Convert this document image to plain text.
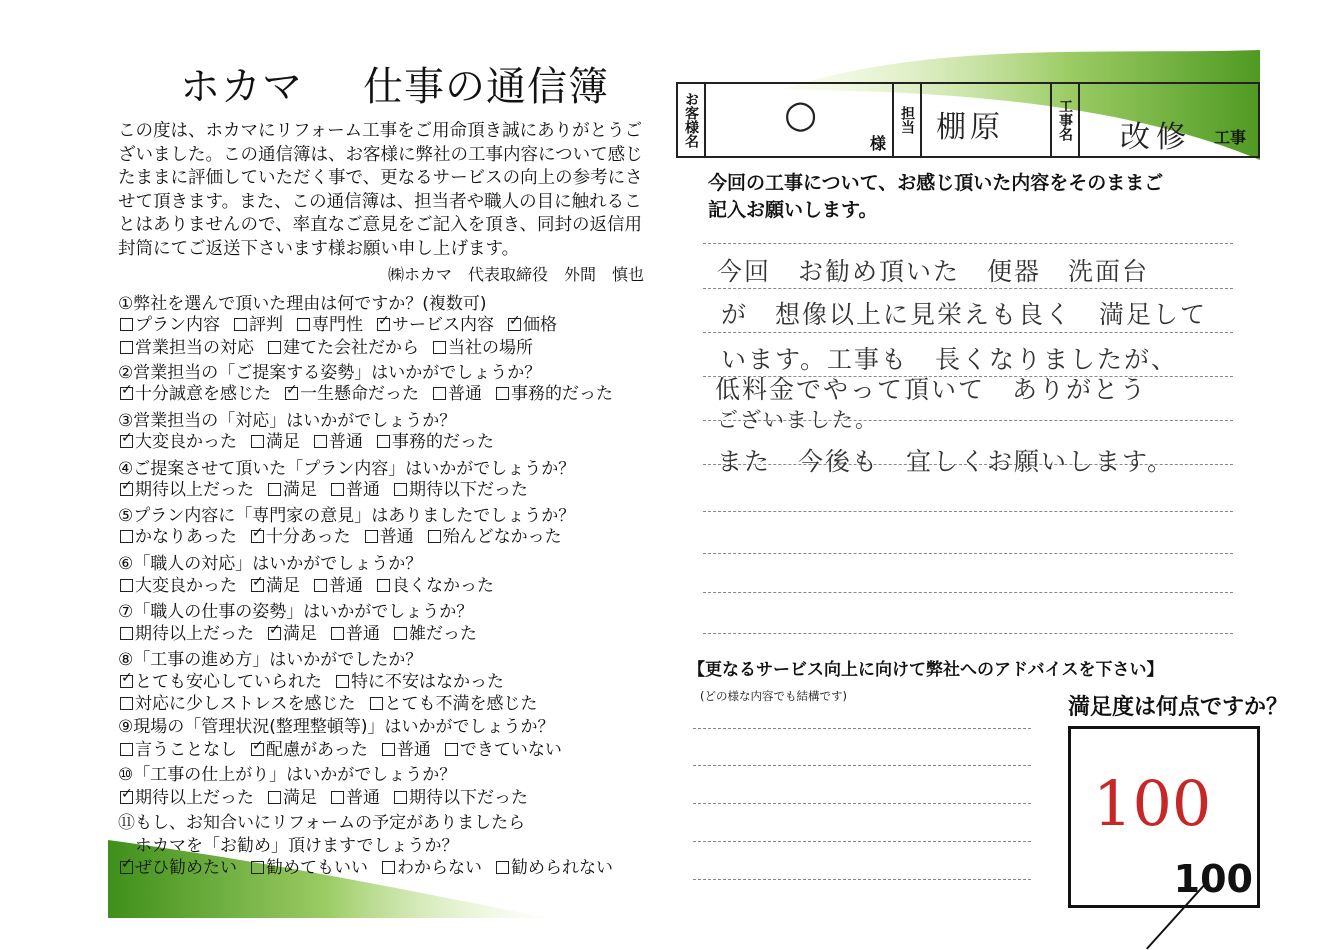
ホカマ 仕事の通信簿
この度は、ホカマにリフォーム工事をご用命頂き誠にありがとうご
ざいました。この通信簿は、お客様に弊社の工事内容について感じ
たままに評価していただく事で、更なるサービスの向上の参考にさ
せて頂きます。また、この通信簿は、担当者や職人の目に触れるこ
とはありませんので、率直なご意見をご記入を頂き、同封の返信用
封筒にてご返送下さいます様お願い申し上げます。
㈱ホカマ　代表取締役　外間　慎也
①弊社を選んで頂いた理由は何ですか？(複数可)
プラン内容 評判 専門性 ✓ サービス内容 ✓ 価格
営業担当の対応 建てた会社だから 当社の場所
②営業担当の「ご提案する姿勢」はいかがでしょうか？
✓十分誠意を感じた ✓ 一生懸命だった 普通 事務的だった
③営業担当の「対応」はいかがでしょうか？
✓大変良かった 満足 普通 事務的だった
④ご提案させて頂いた「プラン内容」はいかがでしょうか？
✓期待以上だった 満足 普通 期待以下だった
⑤プラン内容に「専門家の意見」はありましたでしょうか？
かなりあった ✓ 十分あった 普通 殆んどなかった
⑥「職人の対応」はいかがでしょうか？
大変良かった ✓ 満足 普通 良くなかった
⑦「職人の仕事の姿勢」はいかがでしょうか？
期待以上だった ✓ 満足 普通 雑だった
⑧「工事の進め方」はいかがでしたか？
✓とても安心していられた 特に不安はなかった
対応に少しストレスを感じた とても不満を感じた
⑨現場の「管理状況(整理整頓等)」はいかがでしょうか？
言うことなし ✓ 配慮があった 普通 できていない
⑩「工事の仕上がり」はいかがでしょうか？
✓期待以上だった 満足 普通 期待以下だった
⑪もし、お知合いにリフォームの予定がありましたら
ホカマを「お勧め」頂けますでしょうか？
✓ぜひ勧めたい 勧めてもいい わからない 勧められない
お客様名 ○
様
担当 棚原	工事名 改修 工事
今回の工事について、お感じ頂いた内容をそのままご
記入お願いします。
今回　お勧め頂いた　便器　洗面台
が　想像以上に見栄えも良く　満足して
います。工事も　長くなりましたが、
低料金でやって頂いて　ありがとう
ございました。
また　今後も　宜しくお願いします。
【更なるサービス向上に向けて弊社へのアドバイスを下さい】
(どの様な内容でも結構です)	満足度は何点ですか？
100
100
